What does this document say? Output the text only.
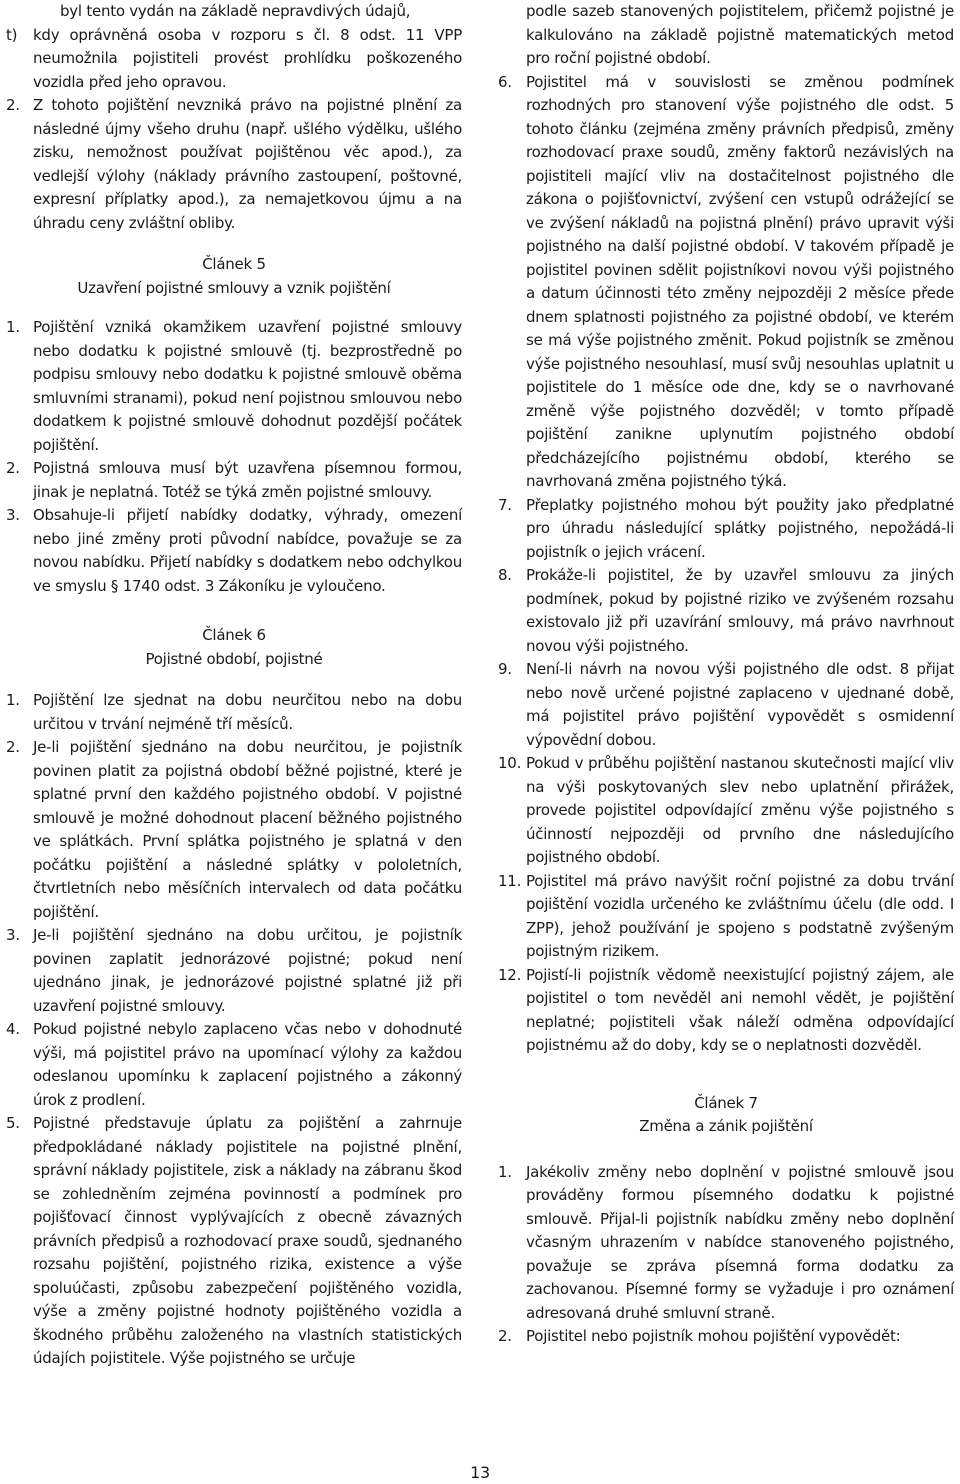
byl tento vydán na základě nepravdivých údajů,
t)	kdy oprávněná osoba v rozporu s čl. 8 odst. 11 VPP neumožnila pojistiteli provést prohlídku poškozeného vozidla před jeho opravou.
2. Z tohoto pojištění nevzniká právo na pojistné plnění za následné újmy všeho druhu (např. ušlého výdělku, ušlého zisku, nemožnost používat pojištěnou věc apod.), za vedlejší výlohy (náklady právního zastoupení, poštovné, expresní příplatky apod.), za nemajetkovou újmu a na úhradu ceny zvláštní obliby.
Článek 5
Uzavření pojistné smlouvy a vznik pojištění
1. Pojištění vzniká okamžikem uzavření pojistné smlouvy nebo dodatku k pojistné smlouvě (tj. bezprostředně po podpisu smlouvy nebo dodatku k pojistné smlouvě oběma smluvními stranami), pokud není pojistnou smlouvou nebo dodatkem k pojistné smlouvě dohodnut pozdější počátek pojištění.
2. Pojistná smlouva musí být uzavřena písemnou formou, jinak je neplatná. Totéž se týká změn pojistné smlouvy.
3. Obsahuje-li přijetí nabídky dodatky, výhrady, omezení nebo jiné změny proti původní nabídce, považuje se za novou nabídku. Přijetí nabídky s dodatkem nebo odchylkou ve smyslu § 1740 odst. 3 Zákoníku je vyloučeno.
Článek 6
Pojistné období, pojistné
1. Pojištění lze sjednat na dobu neurčitou nebo na dobu určitou v trvání nejméně tří měsíců.
2. Je-li pojištění sjednáno na dobu neurčitou, je pojistník povinen platit za pojistná období běžné pojistné, které je splatné první den každého pojistného období. V pojistné smlouvě je možné dohodnout placení běžného pojistného ve splátkách. První splátka pojistného je splatná v den počátku pojištění a následné splátky v pololetních, čtvrtletních nebo měsíčních intervalech od data počátku pojištění.
3. Je-li pojištění sjednáno na dobu určitou, je pojistník povinen zaplatit jednorázové pojistné; pokud není ujednáno jinak, je jednorázové pojistné splatné již při uzavření pojistné smlouvy.
4. Pokud pojistné nebylo zaplaceno včas nebo v dohodnuté výši, má pojistitel právo na upomínací výlohy za každou odeslanou upomínku k zaplacení pojistného a zákonný úrok z prodlení.
5. Pojistné představuje úplatu za pojištění a zahrnuje předpokládané náklady pojistitele na pojistné plnění, správní náklady pojistitele, zisk a náklady na zábranu škod se zohledněním zejména povinností a podmínek pro pojišťovací činnost vyplývajících z obecně závazných právních předpisů a rozhodovací praxe soudů, sjednaného rozsahu pojištění, pojistného rizika, existence a výše spoluúčasti, způsobu zabezpečení pojištěného vozidla, výše a změny pojistné hodnoty pojištěného vozidla a škodného průběhu založeného na vlastních statistických údajích pojistitele. Výše pojistného se určuje
podle sazeb stanovených pojistitelem, přičemž pojistné je kalkulováno na základě pojistně matematických metod pro roční pojistné období.
6. Pojistitel má v souvislosti se změnou podmínek rozhodných pro stanovení výše pojistného dle odst. 5 tohoto článku (zejména změny právních předpisů, změny rozhodovací praxe soudů, změny faktorů nezávislých na pojistiteli mající vliv na dostačitelnost pojistného dle zákona o pojišťovnictví, zvýšení cen vstupů odrážející se ve zvýšení nákladů na pojistná plnění) právo upravit výši pojistného na další pojistné období. V takovém případě je pojistitel povinen sdělit pojistníkovi novou výši pojistného a datum účinnosti této změny nejpozději 2 měsíce přede dnem splatnosti pojistného za pojistné období, ve kterém se má výše pojistného změnit. Pokud pojistník se změnou výše pojistného nesouhlasí, musí svůj nesouhlas uplatnit u pojistitele do 1 měsíce ode dne, kdy se o navrhované změně výše pojistného dozvěděl; v tomto případě pojištění zanikne uplynutím pojistného období předcházejícího pojistnému období, kterého se navrhovaná změna pojistného týká.
7. Přeplatky pojistného mohou být použity jako předplatné pro úhradu následující splátky pojistného, nepožádá-li pojistník o jejich vrácení.
8. Prokáže-li pojistitel, že by uzavřel smlouvu za jiných podmínek, pokud by pojistné riziko ve zvýšeném rozsahu existovalo již při uzavírání smlouvy, má právo navrhnout novou výši pojistného.
9. Není-li návrh na novou výši pojistného dle odst. 8 přijat nebo nově určené pojistné zaplaceno v ujednané době, má pojistitel právo pojištění vypovědět s osmidenní výpovědní dobou.
10. Pokud v průběhu pojištění nastanou skutečnosti mající vliv na výši poskytovaných slev nebo uplatnění přirážek, provede pojistitel odpovídající změnu výše pojistného s účinností nejpozději od prvního dne následujícího pojistného období.
11. Pojistitel má právo navýšit roční pojistné za dobu trvání pojištění vozidla určeného ke zvláštnímu účelu (dle odd. I ZPP), jehož používání je spojeno s podstatně zvýšeným pojistným rizikem.
12. Pojistí-li pojistník vědomě neexistující pojistný zájem, ale pojistitel o tom nevěděl ani nemohl vědět, je pojištění neplatné; pojistiteli však náleží odměna odpovídající pojistnému až do doby, kdy se o neplatnosti dozvěděl.
Článek 7
Změna a zánik pojištění
1. Jakékoliv změny nebo doplnění v pojistné smlouvě jsou prováděny formou písemného dodatku k pojistné smlouvě. Přijal-li pojistník nabídku změny nebo doplnění včasným uhrazením v nabídce stanoveného pojistného, považuje se zpráva písemná forma dodatku za zachovanou. Písemné formy se vyžaduje i pro oznámení adresovaná druhé smluvní straně.
2. Pojistitel nebo pojistník mohou pojištění vypovědět:
13
